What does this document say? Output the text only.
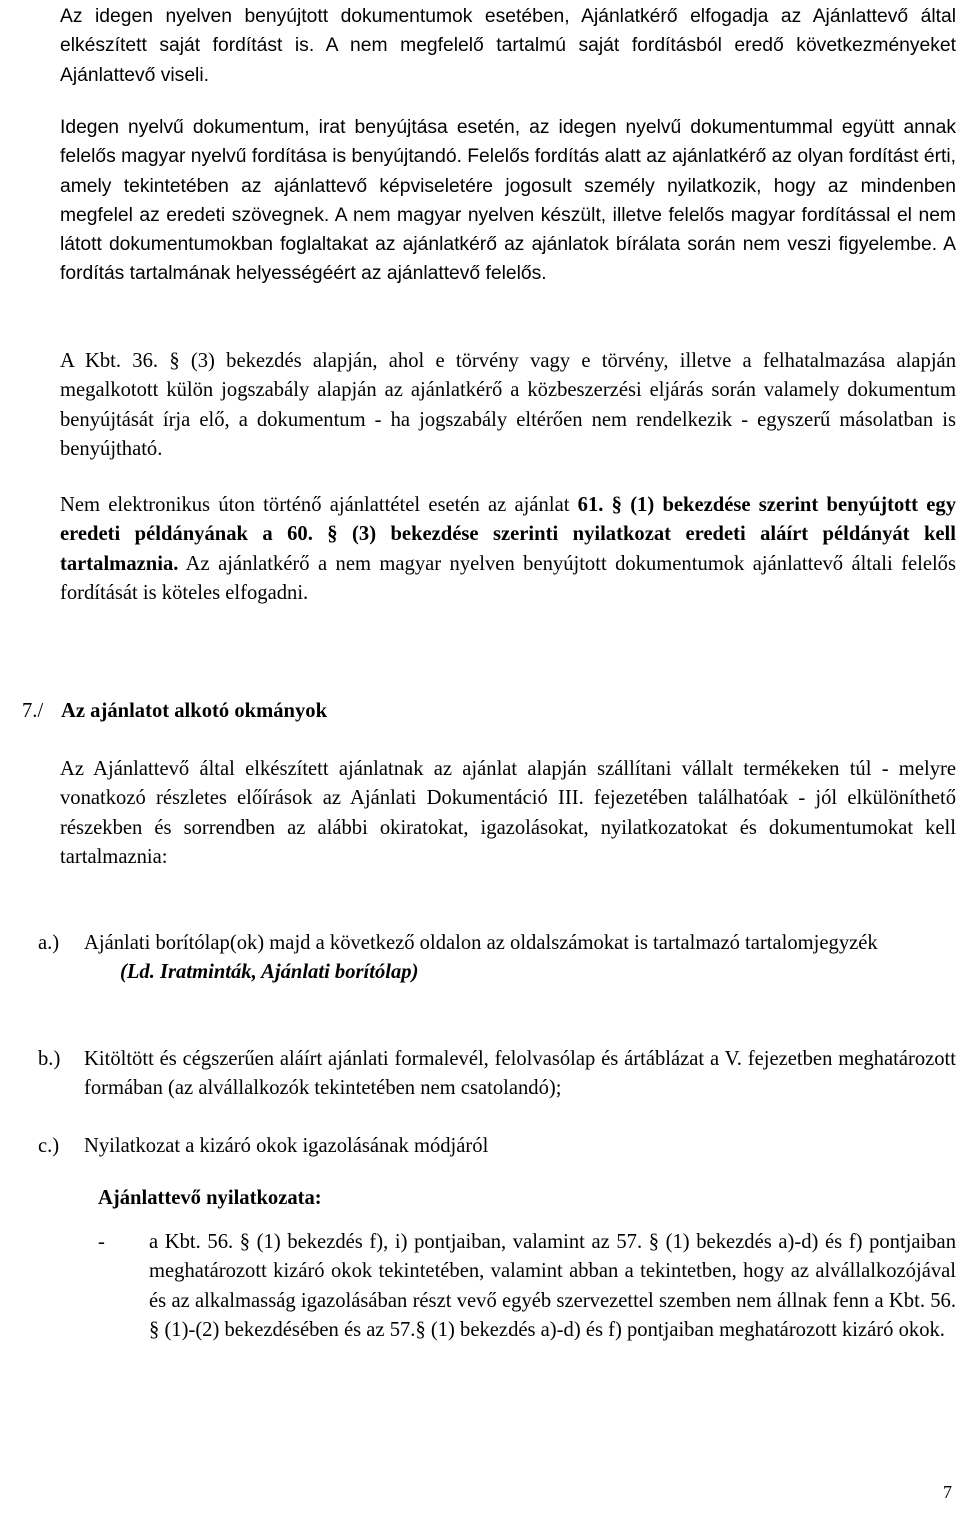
Az idegen nyelven benyújtott dokumentumok esetében, Ajánlatkérő elfogadja az Ajánlattevő által elkészített saját fordítást is. A nem megfelelő tartalmú saját fordításból eredő következményeket Ajánlattevő viseli.

Idegen nyelvű dokumentum, irat benyújtása esetén, az idegen nyelvű dokumentummal együtt annak felelős magyar nyelvű fordítása is benyújtandó. Felelős fordítás alatt az ajánlatkérő az olyan fordítást érti, amely tekintetében az ajánlattevő képviseletére jogosult személy nyilatkozik, hogy az mindenben megfelel az eredeti szövegnek. A nem magyar nyelven készült, illetve felelős magyar fordítással el nem látott dokumentumokban foglaltakat az ajánlatkérő az ajánlatok bírálata során nem veszi figyelembe. A fordítás tartalmának helyességéért az ajánlattevő felelős.

A Kbt. 36. § (3) bekezdés alapján, ahol e törvény vagy e törvény, illetve a felhatalmazása alapján megalkotott külön jogszabály alapján az ajánlatkérő a közbeszerzési eljárás során valamely dokumentum benyújtását írja elő, a dokumentum - ha jogszabály eltérően nem rendelkezik - egyszerű másolatban is benyújtható.

Nem elektronikus úton történő ajánlattétel esetén az ajánlat 61. § (1) bekezdése szerint benyújtott egy eredeti példányának a 60. § (3) bekezdése szerinti nyilatkozat eredeti aláírt példányát kell tartalmaznia. Az ajánlatkérő a nem magyar nyelven benyújtott dokumentumok ajánlattevő általi felelős fordítását is köteles elfogadni.

7./ Az ajánlatot alkotó okmányok

Az Ajánlattevő által elkészített ajánlatnak az ajánlat alapján szállítani vállalt termékeken túl - melyre vonatkozó részletes előírások az Ajánlati Dokumentáció III. fejezetében találhatóak - jól elkülöníthető részekben és sorrendben az alábbi okiratokat, igazolásokat, nyilatkozatokat és dokumentumokat kell tartalmaznia:

a.)	Ajánlati borítólap(ok) majd a következő oldalon az oldalszámokat is tartalmazó tartalomjegyzék
(Ld. Iratminták, Ajánlati borítólap)
b.)	Kitöltött és cégszerűen aláírt ajánlati formalevél, felolvasólap és ártáblázat a V. fejezetben meghatározott formában (az alvállalkozók tekintetében nem csatolandó);
c.)	Nyilatkozat a kizáró okok igazolásának módjáról

Ajánlattevő nyilatkozata:

- a Kbt. 56. § (1) bekezdés f), i) pontjaiban, valamint az 57. § (1) bekezdés a)-d) és f) pontjaiban meghatározott kizáró okok tekintetében, valamint abban a tekintetben, hogy az alvállalkozójával és az alkalmasság igazolásában részt vevő egyéb szervezettel szemben nem állnak fenn a Kbt. 56. § (1)-(2) bekezdésében és az 57.§ (1) bekezdés a)-d) és f) pontjaiban meghatározott kizáró okok.

7
